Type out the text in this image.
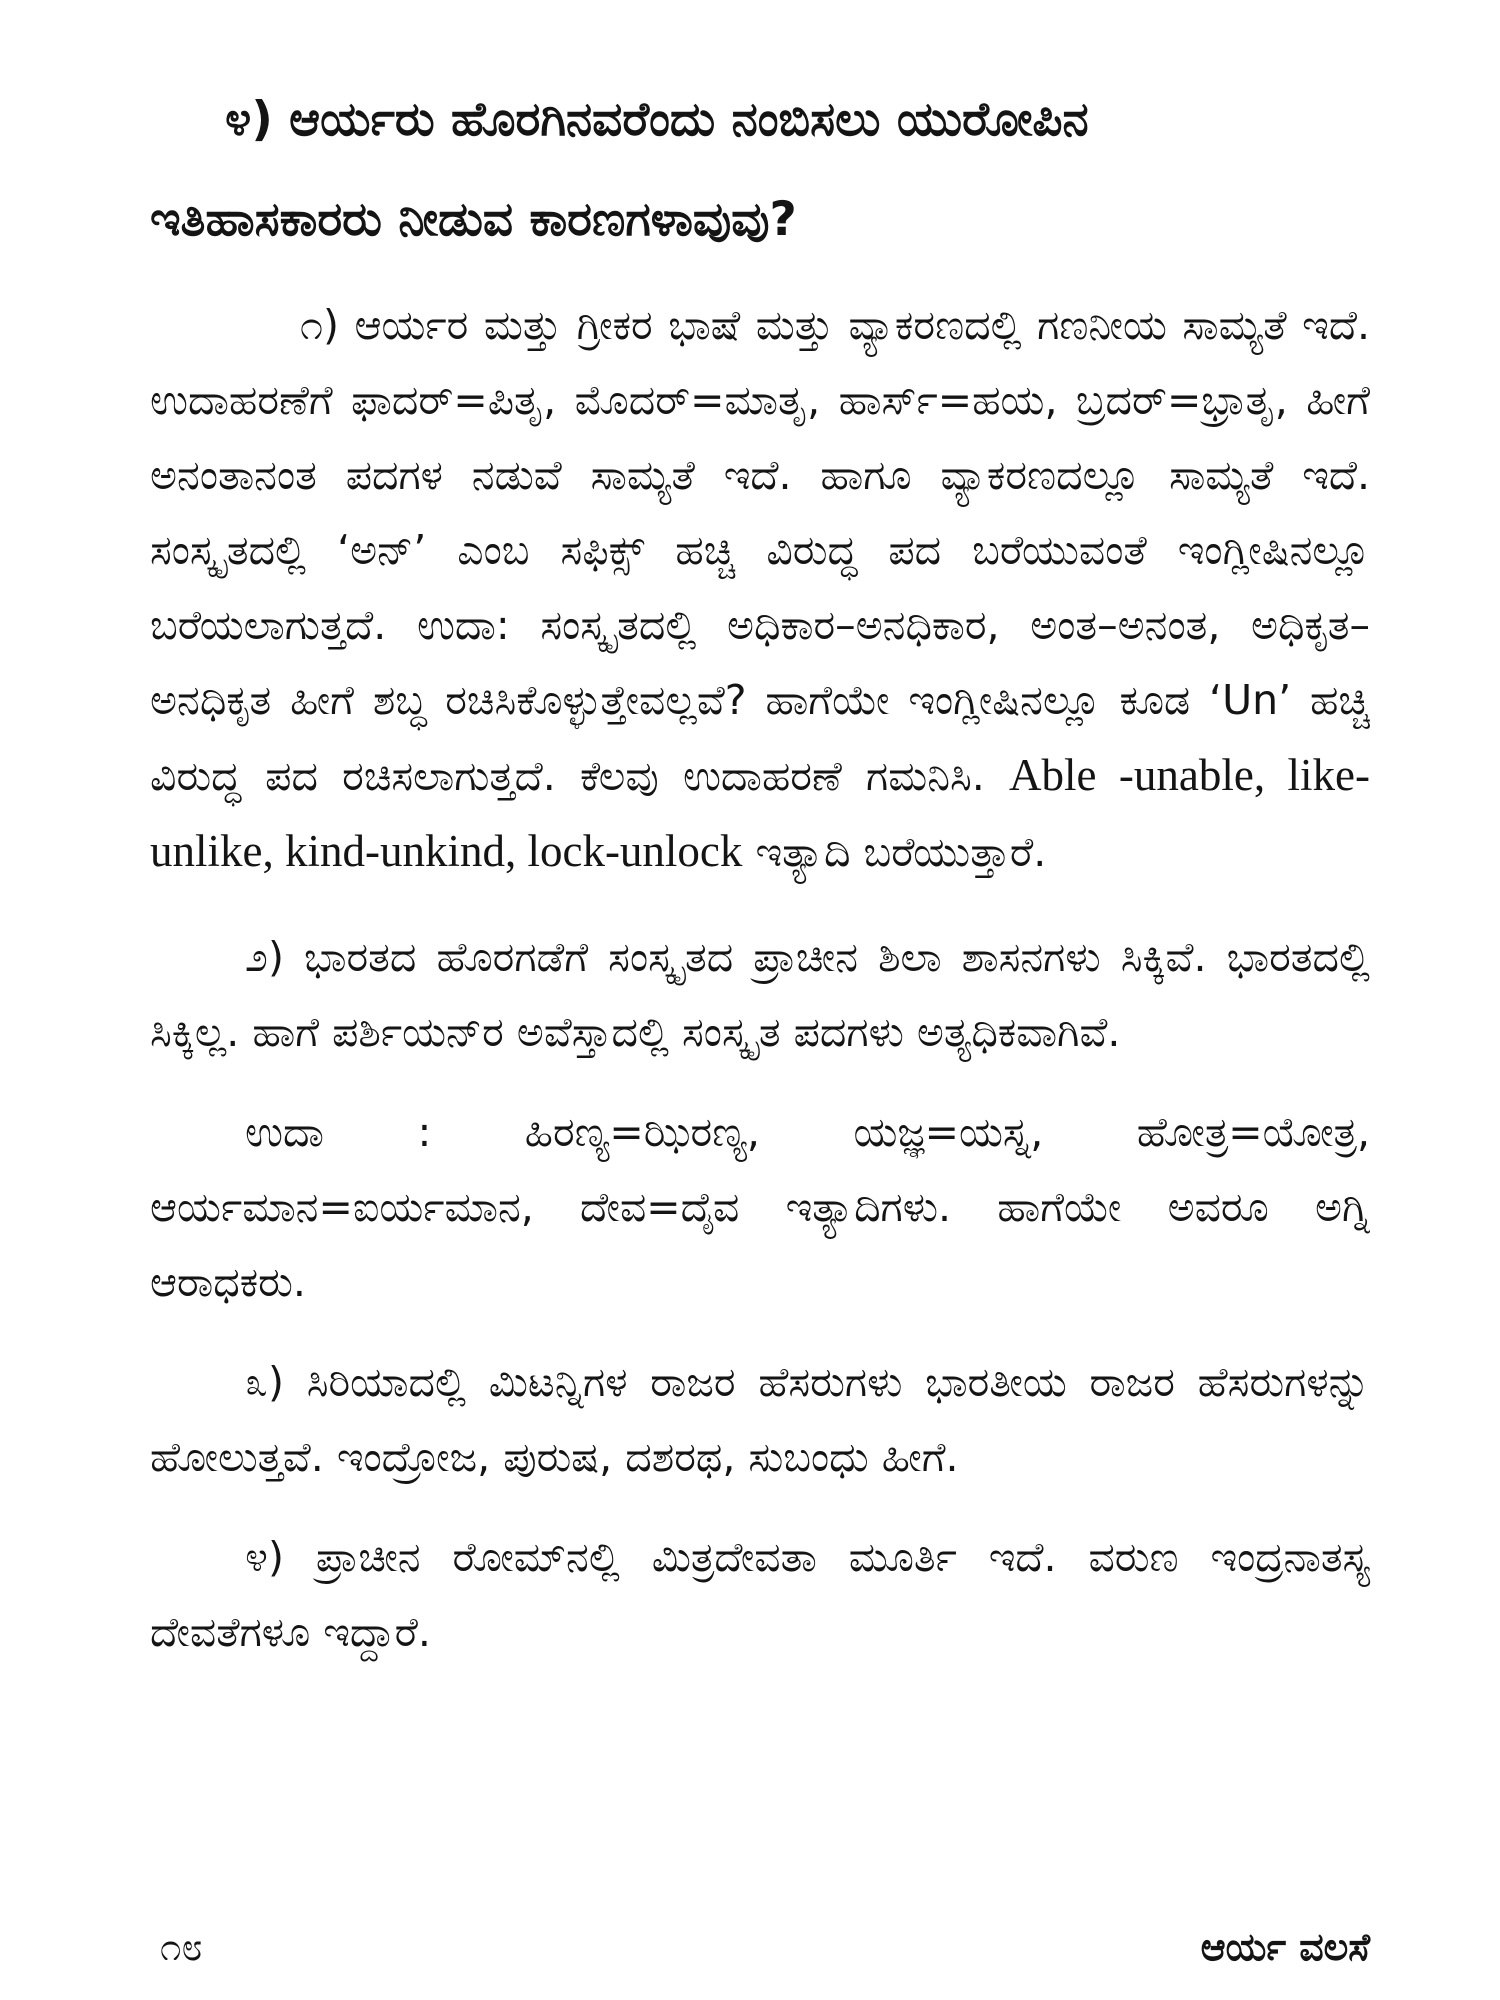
೪) ಆರ್ಯರು ಹೊರಗಿನವರೆಂದು ನಂಬಿಸಲು ಯುರೋಪಿನ
ಇತಿಹಾಸಕಾರರು ನೀಡುವ ಕಾರಣಗಳಾವುವು?

೧) ಆರ್ಯರ ಮತ್ತು ಗ್ರೀಕರ ಭಾಷೆ ಮತ್ತು ವ್ಯಾಕರಣದಲ್ಲಿ ಗಣನೀಯ ಸಾಮ್ಯತೆ ಇದೆ. ಉದಾಹರಣೆಗೆ ಫಾದರ್=ಪಿತೃ, ಮೊದರ್=ಮಾತೃ, ಹಾರ್ಸ್=ಹಯ, ಬ್ರದರ್=ಭ್ರಾತೃ, ಹೀಗೆ ಅನಂತಾನಂತ ಪದಗಳ ನಡುವೆ ಸಾಮ್ಯತೆ ಇದೆ. ಹಾಗೂ ವ್ಯಾಕರಣದಲ್ಲೂ ಸಾಮ್ಯತೆ ಇದೆ. ಸಂಸ್ಕೃತದಲ್ಲಿ ‘ಅನ್’ ಎಂಬ ಸಫಿಕ್ಸ್ ಹಚ್ಚಿ ವಿರುದ್ಧ ಪದ ಬರೆಯುವಂತೆ ಇಂಗ್ಲೀಷಿನಲ್ಲೂ ಬರೆಯಲಾಗುತ್ತದೆ. ಉದಾ: ಸಂಸ್ಕೃತದಲ್ಲಿ ಅಧಿಕಾರ–ಅನಧಿಕಾರ, ಅಂತ–ಅನಂತ, ಅಧಿಕೃತ–ಅನಧಿಕೃತ ಹೀಗೆ ಶಬ್ಧ ರಚಿಸಿಕೊಳ್ಳುತ್ತೇವಲ್ಲವೆ? ಹಾಗೆಯೇ ಇಂಗ್ಲೀಷಿನಲ್ಲೂ ಕೂಡ ‘Un’ ಹಚ್ಚಿ ವಿರುದ್ಧ ಪದ ರಚಿಸಲಾಗುತ್ತದೆ. ಕೆಲವು ಉದಾಹರಣೆ ಗಮನಿಸಿ. Able -unable, like-unlike, kind-unkind, lock-unlock ಇತ್ಯಾದಿ ಬರೆಯುತ್ತಾರೆ.

೨) ಭಾರತದ ಹೊರಗಡೆಗೆ ಸಂಸ್ಕೃತದ ಪ್ರಾಚೀನ ಶಿಲಾ ಶಾಸನಗಳು ಸಿಕ್ಕಿವೆ. ಭಾರತದಲ್ಲಿ ಸಿಕ್ಕಿಲ್ಲ. ಹಾಗೆ ಪರ್ಶಿಯನ್‌ರ ಅವೆಸ್ತಾದಲ್ಲಿ ಸಂಸ್ಕೃತ ಪದಗಳು ಅತ್ಯಧಿಕವಾಗಿವೆ.

ಉದಾ : ಹಿರಣ್ಯ=ಝಿರಣ್ಯ, ಯಜ್ಞ=ಯಸ್ನ, ಹೋತ್ರ=ಯೋತ್ರ, ಆರ್ಯಮಾನ=ಐರ್ಯಮಾನ, ದೇವ=ದೈವ ಇತ್ಯಾದಿಗಳು. ಹಾಗೆಯೇ ಅವರೂ ಅಗ್ನಿ ಆರಾಧಕರು.

೩) ಸಿರಿಯಾದಲ್ಲಿ ಮಿಟನ್ನಿಗಳ ರಾಜರ ಹೆಸರುಗಳು ಭಾರತೀಯ ರಾಜರ ಹೆಸರುಗಳನ್ನು ಹೋಲುತ್ತವೆ. ಇಂದ್ರೋಜ, ಪುರುಷ, ದಶರಥ, ಸುಬಂಧು ಹೀಗೆ.

೪) ಪ್ರಾಚೀನ ರೋಮ್‌ನಲ್ಲಿ ಮಿತ್ರದೇವತಾ ಮೂರ್ತಿ ಇದೆ. ವರುಣ ಇಂದ್ರನಾತಸ್ಯ ದೇವತೆಗಳೂ ಇದ್ದಾರೆ.

೧೮	ಆರ್ಯ ವಲಸೆ
